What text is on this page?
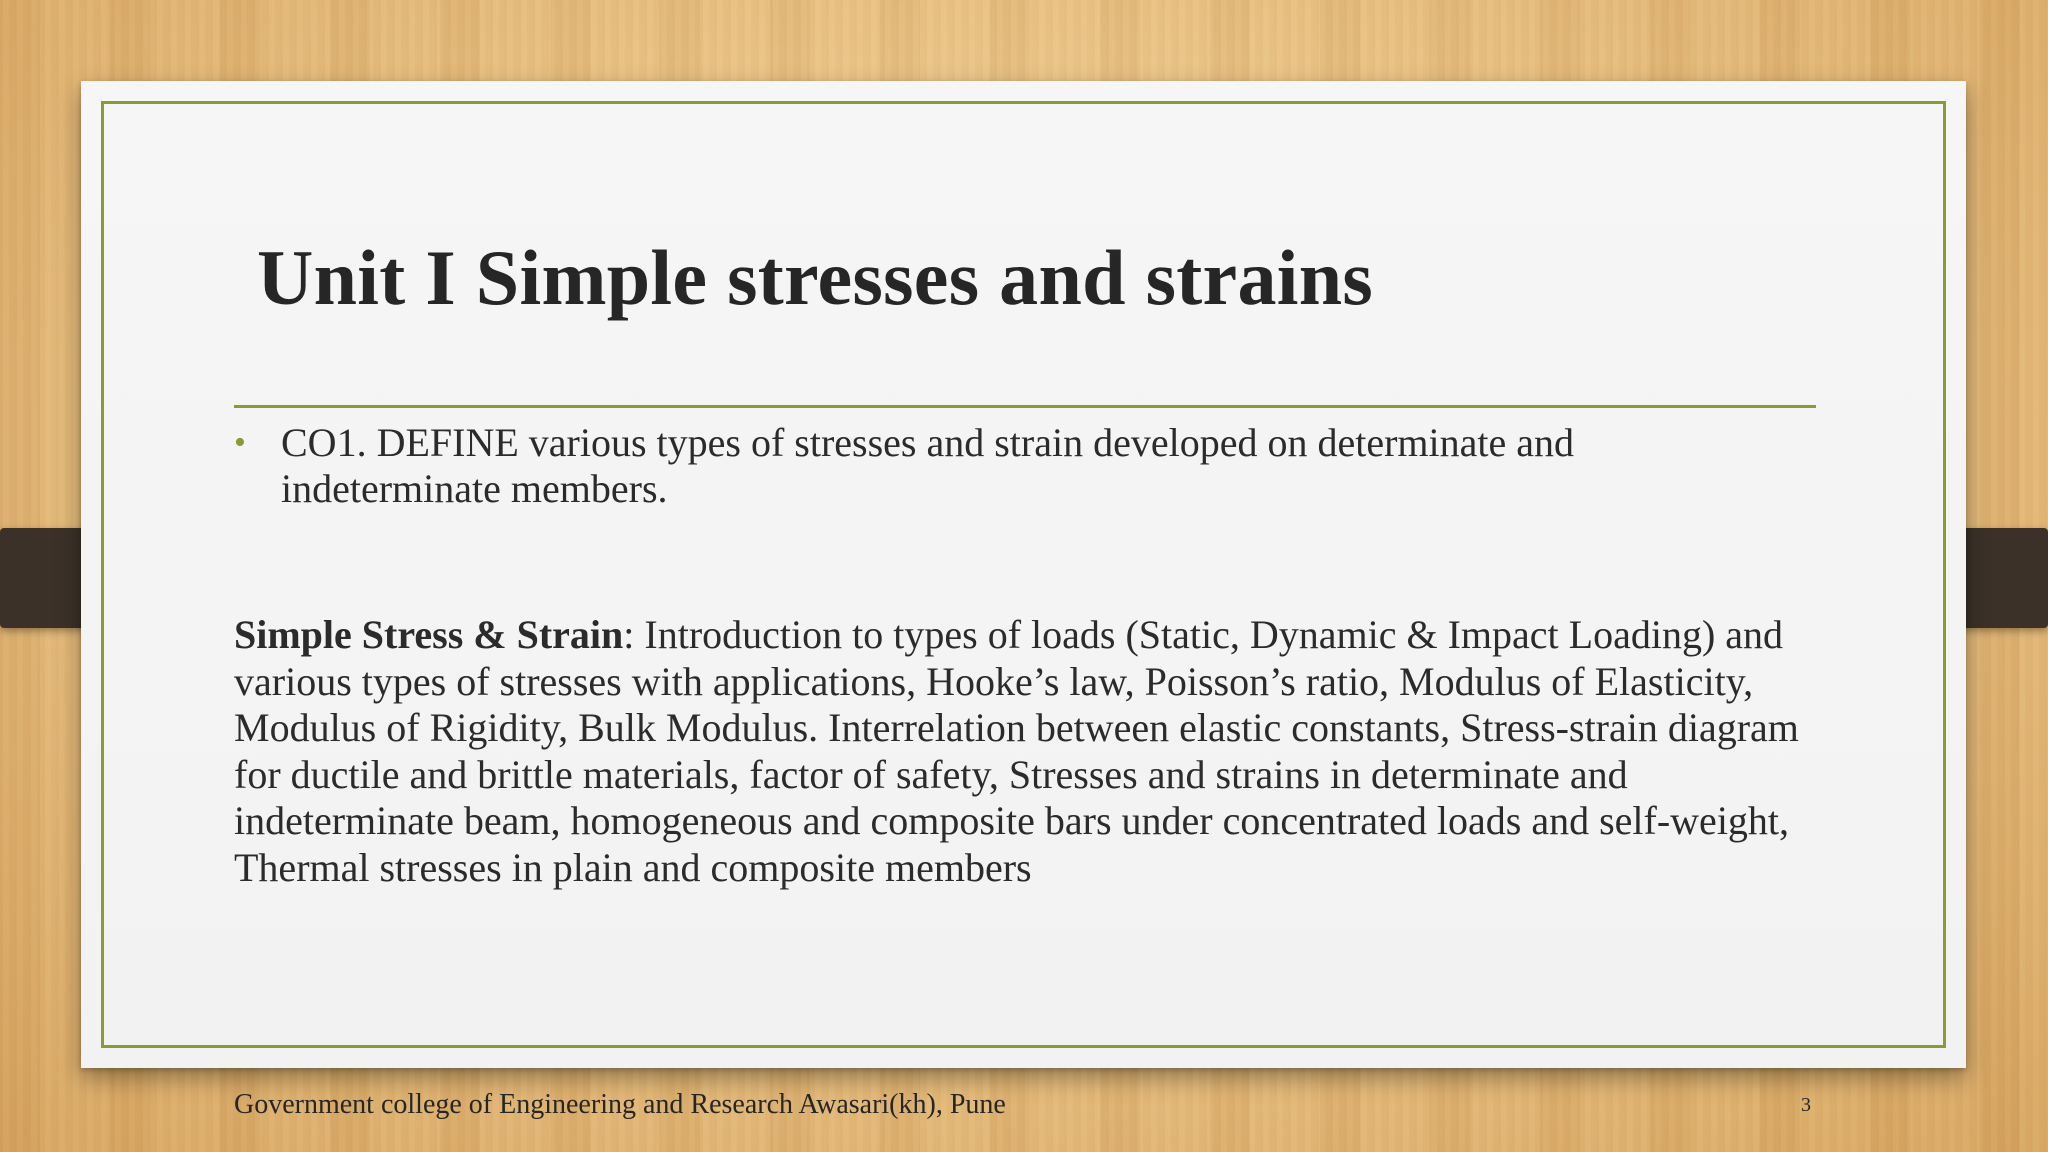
Unit I Simple stresses and strains
• CO1. DEFINE various types of stresses and strain developed on determinate and indeterminate members.

Simple Stress & Strain: Introduction to types of loads (Static, Dynamic & Impact Loading) and various types of stresses with applications, Hooke’s law, Poisson’s ratio, Modulus of Elasticity, Modulus of Rigidity, Bulk Modulus. Interrelation between elastic constants, Stress-strain diagram for ductile and brittle materials, factor of safety, Stresses and strains in determinate and indeterminate beam, homogeneous and composite bars under concentrated loads and self-weight, Thermal stresses in plain and composite members

Government college of Engineering and Research Awasari(kh), Pune	3
